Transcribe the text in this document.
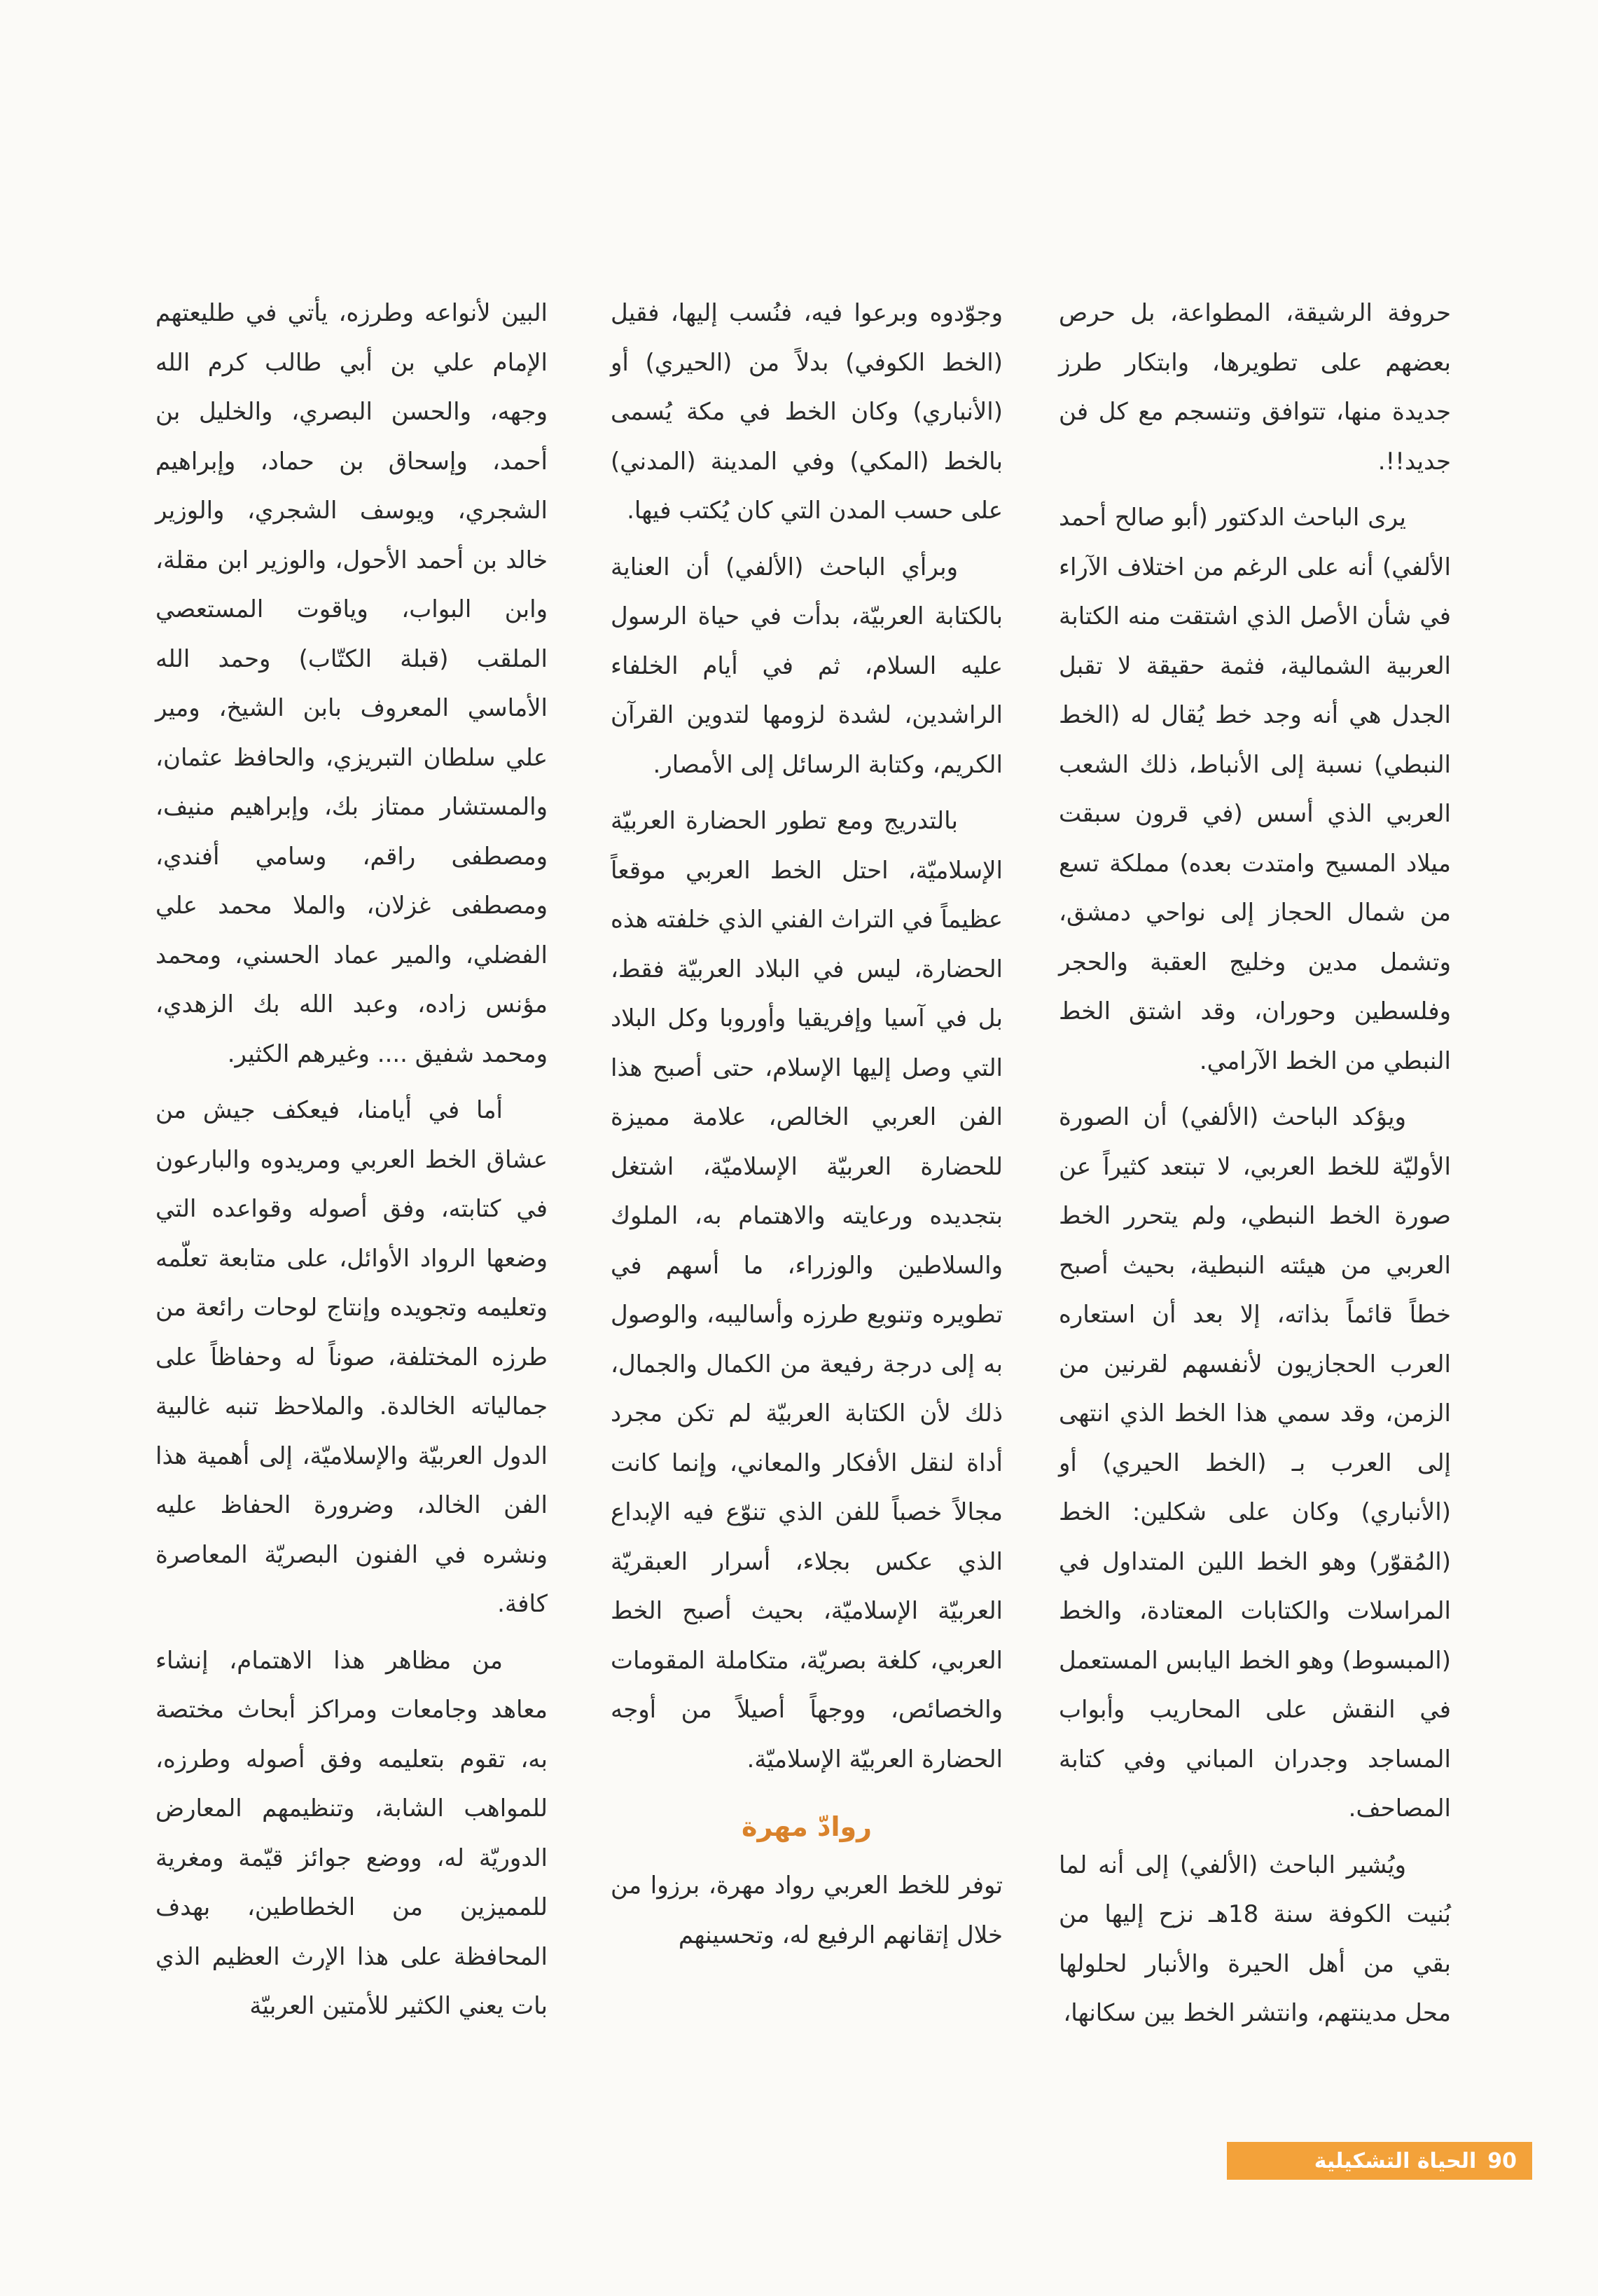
حروفة الرشيقة، المطواعة، بل حرص بعضهم على تطويرها، وابتكار طرز جديدة منها، تتوافق وتنسجم مع كل فن جديد!!.

يرى الباحث الدكتور (أبو صالح أحمد الألفي) أنه على الرغم من اختلاف الآراء في شأن الأصل الذي اشتقت منه الكتابة العربية الشمالية، فثمة حقيقة لا تقبل الجدل هي أنه وجد خط يُقال له (الخط النبطي) نسبة إلى الأنباط، ذلك الشعب العربي الذي أسس (في قرون سبقت ميلاد المسيح وامتدت بعده) مملكة تسع من شمال الحجاز إلى نواحي دمشق، وتشمل مدين وخليج العقبة والحجر وفلسطين وحوران، وقد اشتق الخط النبطي من الخط الآرامي.

ويؤكد الباحث (الألفي) أن الصورة الأوليّة للخط العربي، لا تبتعد كثيراً عن صورة الخط النبطي، ولم يتحرر الخط العربي من هيئته النبطية، بحيث أصبح خطاً قائماً بذاته، إلا بعد أن استعاره العرب الحجازيون لأنفسهم لقرنين من الزمن، وقد سمي هذا الخط الذي انتهى إلى العرب بـ (الخط الحيري) أو (الأنباري) وكان على شكلين: الخط (المُقوّر) وهو الخط اللين المتداول في المراسلات والكتابات المعتادة، والخط (المبسوط) وهو الخط اليابس المستعمل في النقش على المحاريب وأبواب المساجد وجدران المباني وفي كتابة المصاحف.

ويُشير الباحث (الألفي) إلى أنه لما بُنيت الكوفة سنة 18هـ نزح إليها من بقي من أهل الحيرة والأنبار لحلولها محل مدينتهم، وانتشر الخط بين سكانها،

وجوّدوه وبرعوا فيه، فنُسب إليها، فقيل (الخط الكوفي) بدلاً من (الحيري) أو (الأنباري) وكان الخط في مكة يُسمى بالخط (المكي) وفي المدينة (المدني) على حسب المدن التي كان يُكتب فيها.

وبرأي الباحث (الألفي) أن العناية بالكتابة العربيّة، بدأت في حياة الرسول عليه السلام، ثم في أيام الخلفاء الراشدين، لشدة لزومها لتدوين القرآن الكريم، وكتابة الرسائل إلى الأمصار.

بالتدريج ومع تطور الحضارة العربيّة الإسلاميّة، احتل الخط العربي موقعاً عظيماً في التراث الفني الذي خلفته هذه الحضارة، ليس في البلاد العربيّة فقط، بل في آسيا وإفريقيا وأوروبا وكل البلاد التي وصل إليها الإسلام، حتى أصبح هذا الفن العربي الخالص، علامة مميزة للحضارة العربيّة الإسلاميّة، اشتغل بتجديده ورعايته والاهتمام به، الملوك والسلاطين والوزراء، ما أسهم في تطويره وتنويع طرزه وأساليبه، والوصول به إلى درجة رفيعة من الكمال والجمال، ذلك لأن الكتابة العربيّة لم تكن مجرد أداة لنقل الأفكار والمعاني، وإنما كانت مجالاً خصباً للفن الذي تنوّع فيه الإبداع الذي عكس بجلاء، أسرار العبقريّة العربيّة الإسلاميّة، بحيث أصبح الخط العربي، كلغة بصريّة، متكاملة المقومات والخصائص، ووجهاً أصيلاً من أوجه الحضارة العربيّة الإسلاميّة.

روادّ مهرة

توفر للخط العربي رواد مهرة، برزوا من خلال إتقانهم الرفيع له، وتحسينهم

البين لأنواعه وطرزه، يأتي في طليعتهم الإمام علي بن أبي طالب كرم الله وجهه، والحسن البصري، والخليل بن أحمد، وإسحاق بن حماد، وإبراهيم الشجري، ويوسف الشجري، والوزير خالد بن أحمد الأحول، والوزير ابن مقلة، وابن البواب، وياقوت المستعصي الملقب (قبلة الكتّاب) وحمد الله الأماسي المعروف بابن الشيخ، ومير علي سلطان التبريزي، والحافظ عثمان، والمستشار ممتاز بك، وإبراهيم منيف، ومصطفى راقم، وسامي أفندي، ومصطفى غزلان، والملا محمد علي الفضلي، والمير عماد الحسني، ومحمد مؤنس زاده، وعبد الله بك الزهدي، ومحمد شفيق .... وغيرهم الكثير.

أما في أيامنا، فيعكف جيش من عشاق الخط العربي ومريدوه والبارعون في كتابته، وفق أصوله وقواعده التي وضعها الرواد الأوائل، على متابعة تعلّمه وتعليمه وتجويده وإنتاج لوحات رائعة من طرزه المختلفة، صوناً له وحفاظاً على جمالياته الخالدة. والملاحظ تنبه غالبية الدول العربيّة والإسلاميّة، إلى أهمية هذا الفن الخالد، وضرورة الحفاظ عليه ونشره في الفنون البصريّة المعاصرة كافة.

من مظاهر هذا الاهتمام، إنشاء معاهد وجامعات ومراكز أبحاث مختصة به، تقوم بتعليمه وفق أصوله وطرزه، للمواهب الشابة، وتنظيمهم المعارض الدوريّة له، ووضع جوائز قيّمة ومغرية للمميزين من الخطاطين، بهدف المحافظة على هذا الإرث العظيم الذي بات يعني الكثير للأمتين العربيّة

90
الحياة التشكيلية
